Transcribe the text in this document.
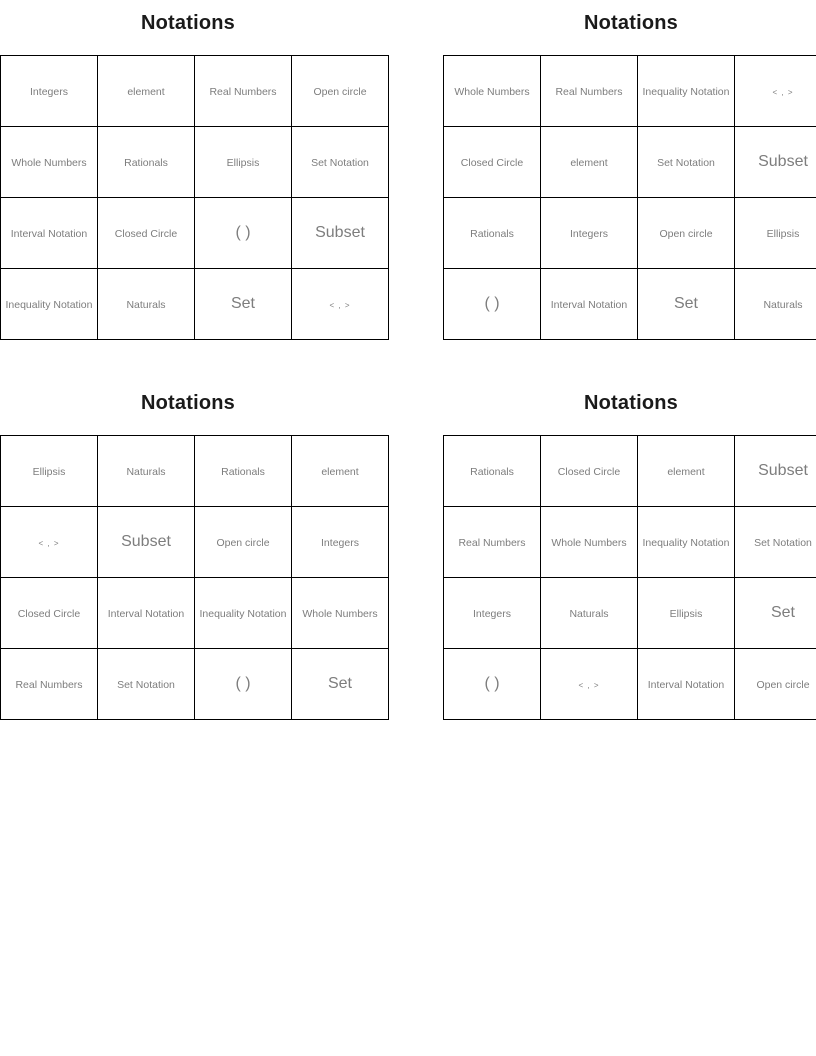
Notations
Integers	element	Real Numbers	Open circle
Whole Numbers	Rationals	Ellipsis	Set Notation
Interval Notation	Closed Circle	( )	Subset
Inequality Notation	Naturals	Set	< , >
Notations
Whole Numbers	Real Numbers	Inequality Notation	< , >
Closed Circle	element	Set Notation	Subset
Rationals	Integers	Open circle	Ellipsis
( )	Interval Notation	Set	Naturals
Notations
Ellipsis	Naturals	Rationals	element
< , >	Subset	Open circle	Integers
Closed Circle	Interval Notation	Inequality Notation	Whole Numbers
Real Numbers	Set Notation	( )	Set
Notations
Rationals	Closed Circle	element	Subset
Real Numbers	Whole Numbers	Inequality Notation	Set Notation
Integers	Naturals	Ellipsis	Set
( )	< , >	Interval Notation	Open circle
